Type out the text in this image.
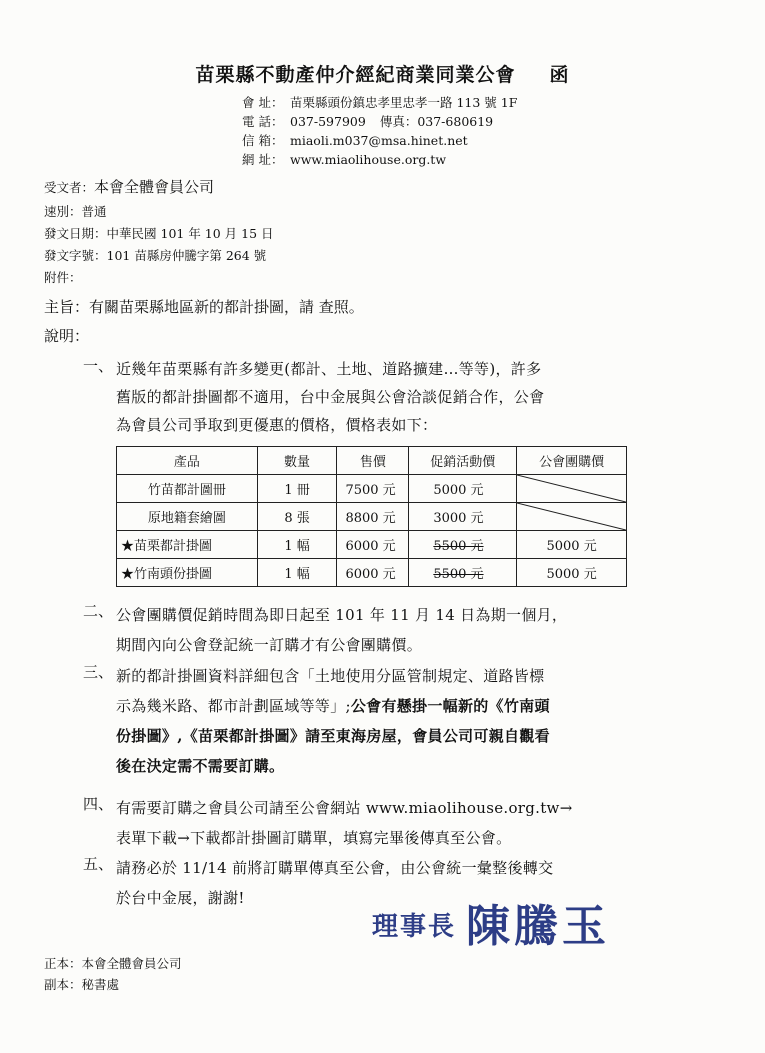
苗栗縣不動產仲介經紀商業同業公會 函
會 址： 苗栗縣頭份鎮忠孝里忠孝一路 113 號 1F
電 話： 037-597909 傳真：037-680619
信 箱： miaoli.m037@msa.hinet.net
網 址： www.miaolihouse.org.tw
受文者：本會全體會員公司
速別：普通
發文日期：中華民國 101 年 10 月 15 日
發文字號：101 苗縣房仲騰字第 264 號
附件：
主旨：有關苗栗縣地區新的都計掛圖，請 查照。
說明：
一、 近幾年苗栗縣有許多變更(都計、土地、道路擴建…等等)，許多
舊版的都計掛圖都不適用，台中金展與公會洽談促銷合作，公會
為會員公司爭取到更優惠的價格，價格表如下：
產品	數量	售價	促銷活動價	公會團購價
竹苗都計圖冊	1 冊	7500 元	5000 元	

原地籍套繪圖	8 張	8800 元	3000 元	

★苗栗都計掛圖	1 幅	6000 元	5500 元	5000 元
★竹南頭份掛圖	1 幅	6000 元	5500 元	5000 元
二、 公會團購價促銷時間為即日起至 101 年 11 月 14 日為期一個月，
期間內向公會登記統一訂購才有公會團購價。
三、 新的都計掛圖資料詳細包含「土地使用分區管制規定、道路皆標
示為幾米路、都市計劃區域等等」;公會有懸掛一幅新的《竹南頭
份掛圖》,《苗栗都計掛圖》請至東海房屋，會員公司可親自觀看
後在決定需不需要訂購。
四、 有需要訂購之會員公司請至公會網站 www.miaolihouse.org.tw→
表單下載→下載都計掛圖訂購單，填寫完畢後傳真至公會。
五、 請務必於 11/14 前將訂購單傳真至公會，由公會統一彙整後轉交
於台中金展，謝謝!
理事長 陳騰玉
正本：本會全體會員公司
副本：秘書處
